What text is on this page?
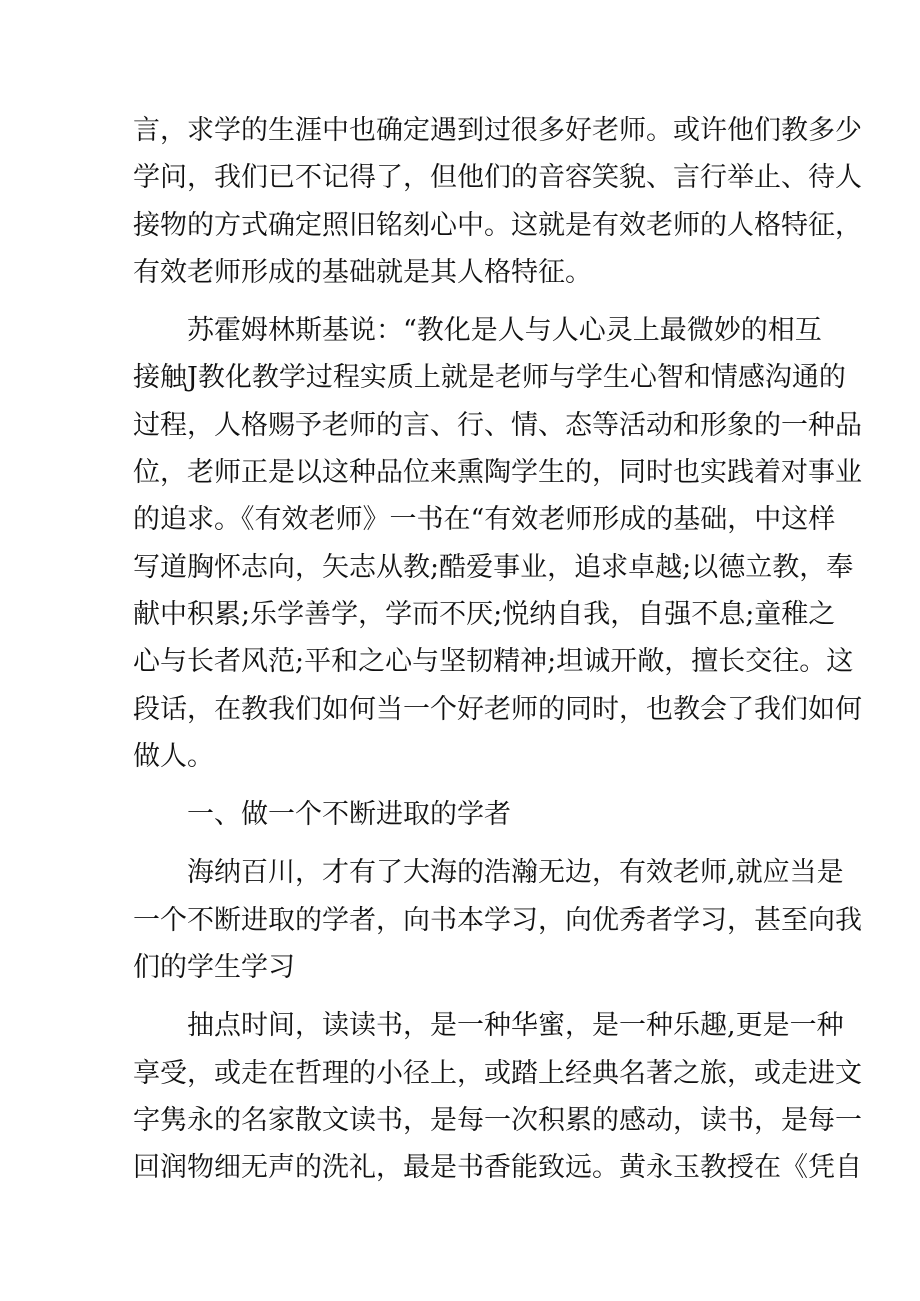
言，求学的生涯中也确定遇到过很多好老师。或许他们教多少
学问，我们已不记得了，但他们的音容笑貌、言行举止、待人
接物的方式确定照旧铭刻心中。这就是有效老师的人格特征，
有效老师形成的基础就是其人格特征。
苏霍姆林斯基说：“教化是人与人心灵上最微妙的相互
接触J教化教学过程实质上就是老师与学生心智和情感沟通的
过程，人格赐予老师的言、行、情、态等活动和形象的一种品
位，老师正是以这种品位来熏陶学生的，同时也实践着对事业
的追求。《有效老师》一书在“有效老师形成的基础，中这样
写道胸怀志向，矢志从教;酷爱事业，追求卓越;以德立教，奉
献中积累;乐学善学，学而不厌;悦纳自我，自强不息;童稚之
心与长者风范;平和之心与坚韧精神;坦诚开敞，擅长交往。这
段话，在教我们如何当一个好老师的同时，也教会了我们如何
做人。
一、做一个不断进取的学者
海纳百川，才有了大海的浩瀚无边，有效老师,就应当是
一个不断进取的学者，向书本学习，向优秀者学习，甚至向我
们的学生学习
抽点时间，读读书，是一种华蜜，是一种乐趣,更是一种
享受，或走在哲理的小径上，或踏上经典名著之旅，或走进文
字隽永的名家散文读书，是每一次积累的感动，读书，是每一
回润物细无声的洗礼，最是书香能致远。黄永玉教授在《凭自
